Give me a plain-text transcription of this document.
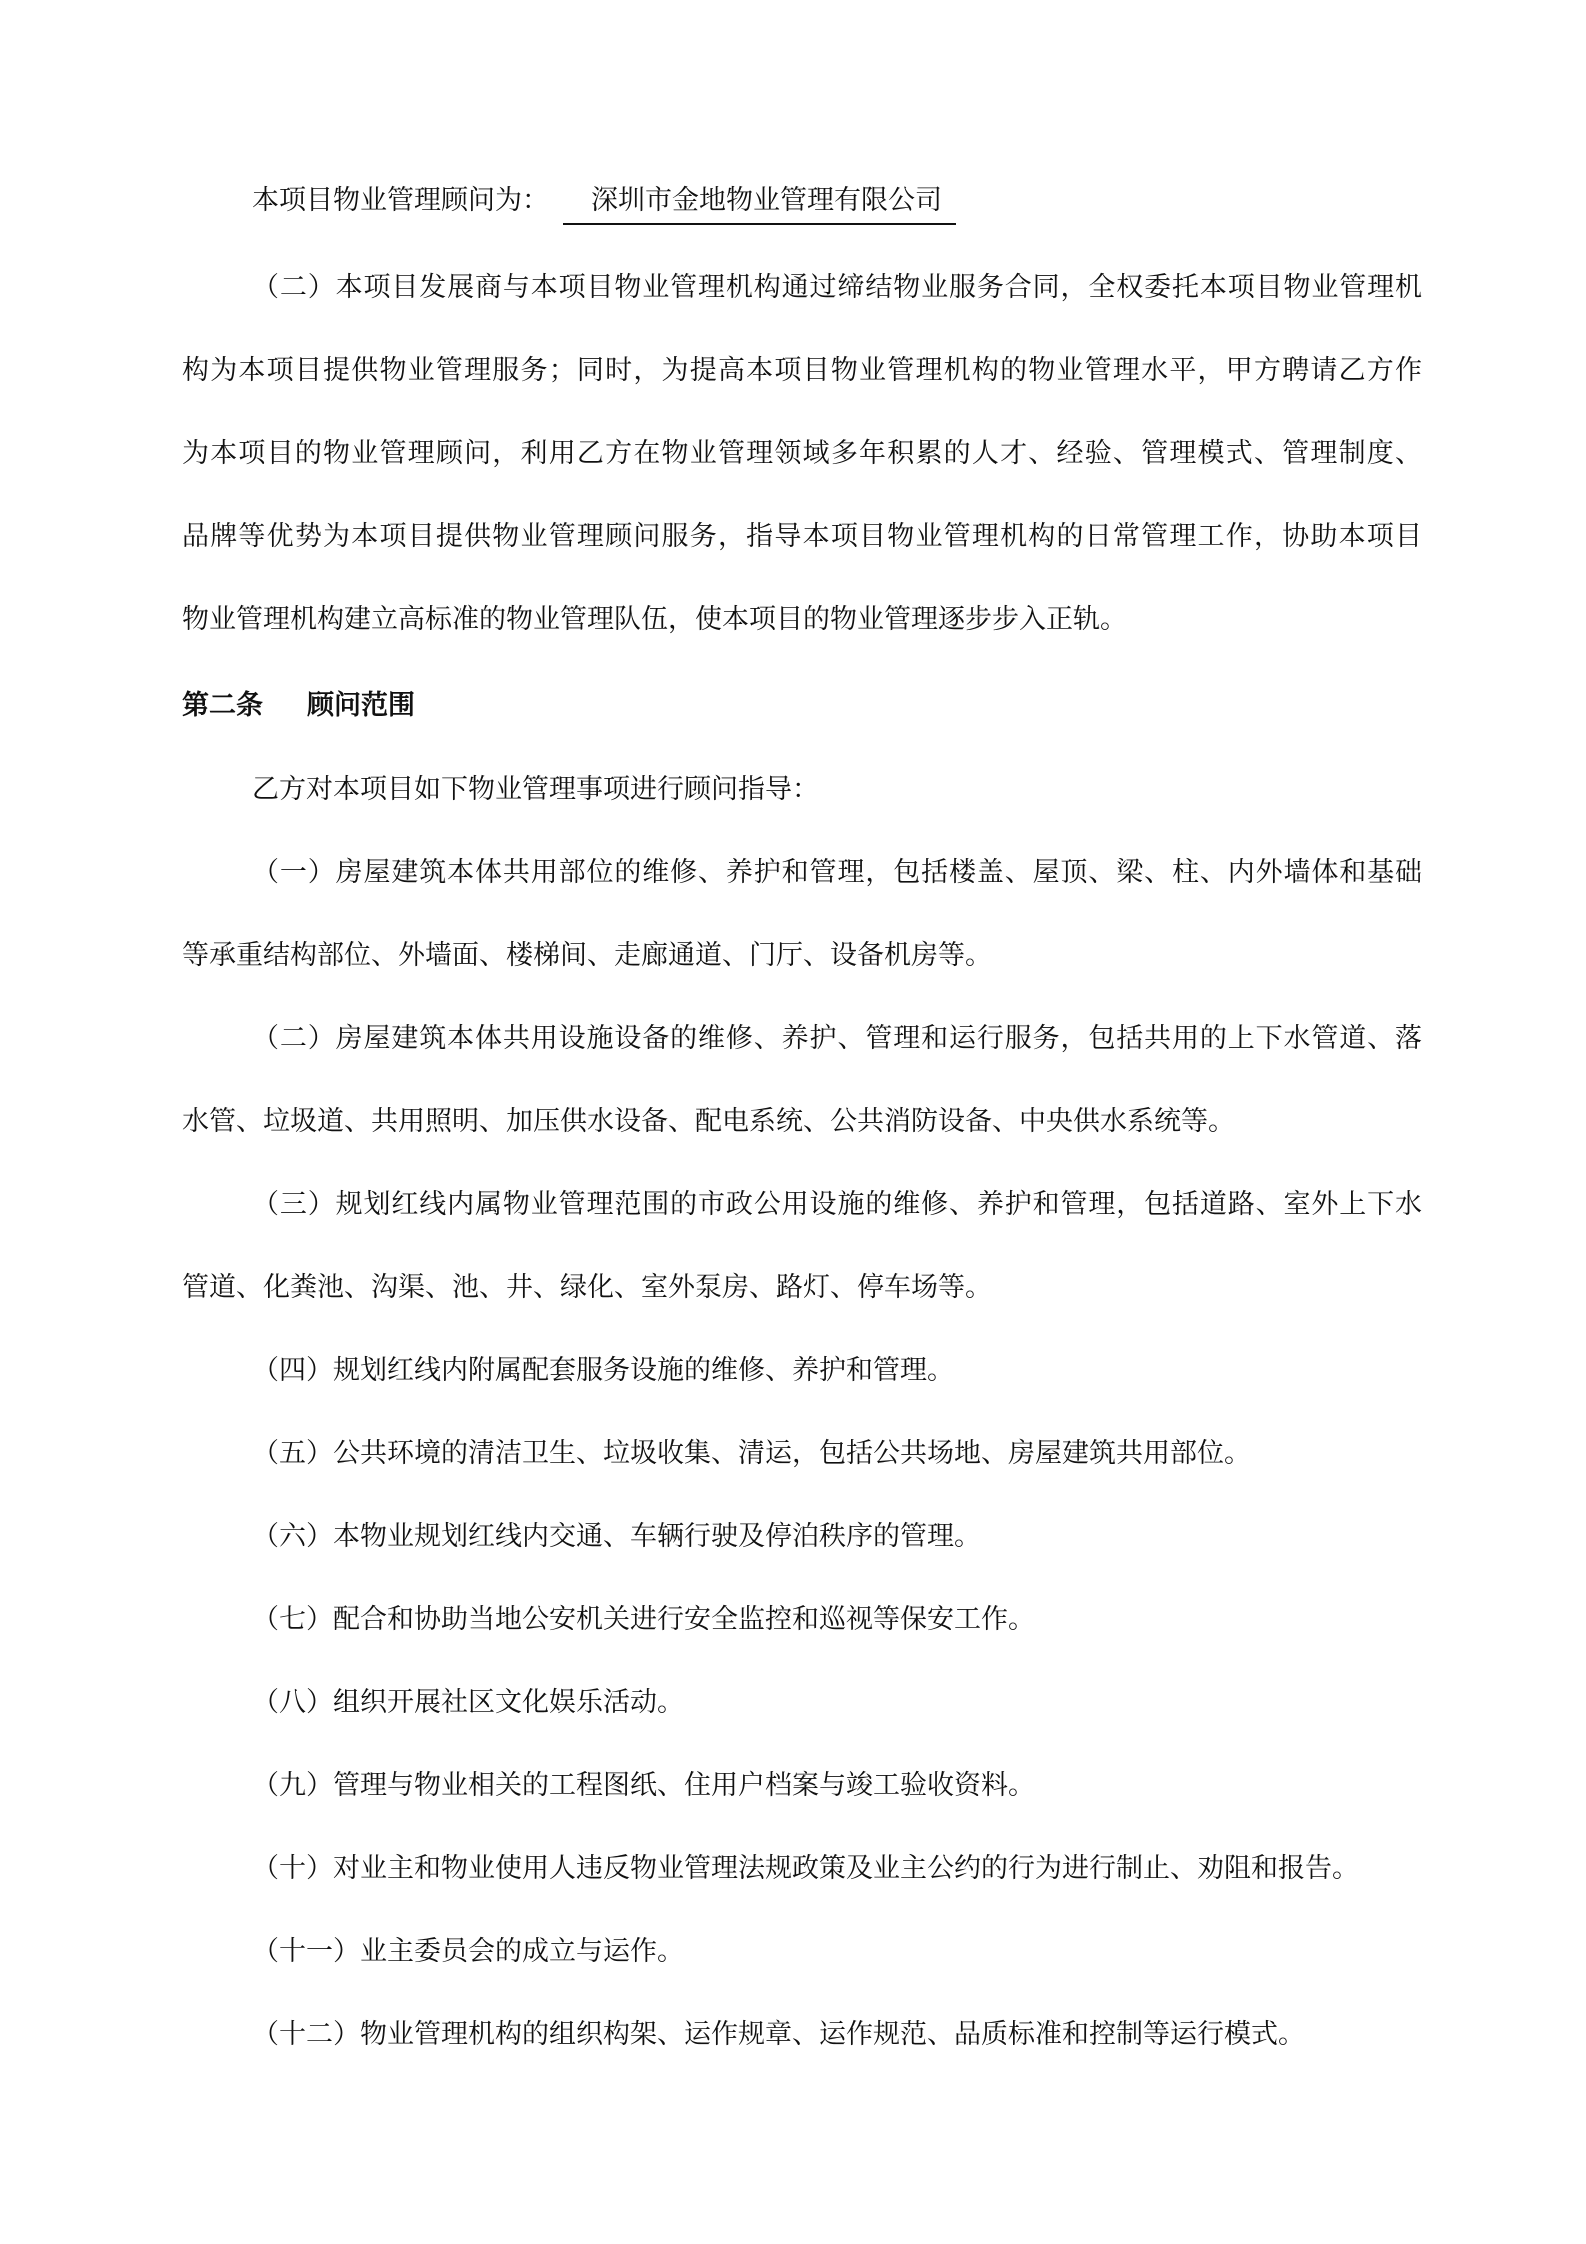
本项目物业管理顾问为： 深圳市金地物业管理有限公司
（二）本项目发展商与本项目物业管理机构通过缔结物业服务合同，全权委托本项目物业管理机
构为本项目提供物业管理服务；同时，为提高本项目物业管理机构的物业管理水平，甲方聘请乙方作
为本项目的物业管理顾问，利用乙方在物业管理领域多年积累的人才、经验、管理模式、管理制度、
品牌等优势为本项目提供物业管理顾问服务，指导本项目物业管理机构的日常管理工作，协助本项目
物业管理机构建立高标准的物业管理队伍，使本项目的物业管理逐步步入正轨。
第二条 顾问范围
乙方对本项目如下物业管理事项进行顾问指导：
（一）房屋建筑本体共用部位的维修、养护和管理，包括楼盖、屋顶、梁、柱、内外墙体和基础
等承重结构部位、外墙面、楼梯间、走廊通道、门厅、设备机房等。
（二）房屋建筑本体共用设施设备的维修、养护、管理和运行服务，包括共用的上下水管道、落
水管、垃圾道、共用照明、加压供水设备、配电系统、公共消防设备、中央供水系统等。
（三）规划红线内属物业管理范围的市政公用设施的维修、养护和管理，包括道路、室外上下水
管道、化粪池、沟渠、池、井、绿化、室外泵房、路灯、停车场等。
（四）规划红线内附属配套服务设施的维修、养护和管理。
（五）公共环境的清洁卫生、垃圾收集、清运，包括公共场地、房屋建筑共用部位。
（六）本物业规划红线内交通、车辆行驶及停泊秩序的管理。
（七）配合和协助当地公安机关进行安全监控和巡视等保安工作。
（八）组织开展社区文化娱乐活动。
（九）管理与物业相关的工程图纸、住用户档案与竣工验收资料。
（十）对业主和物业使用人违反物业管理法规政策及业主公约的行为进行制止、劝阻和报告。
（十一）业主委员会的成立与运作。
（十二）物业管理机构的组织构架、运作规章、运作规范、品质标准和控制等运行模式。
